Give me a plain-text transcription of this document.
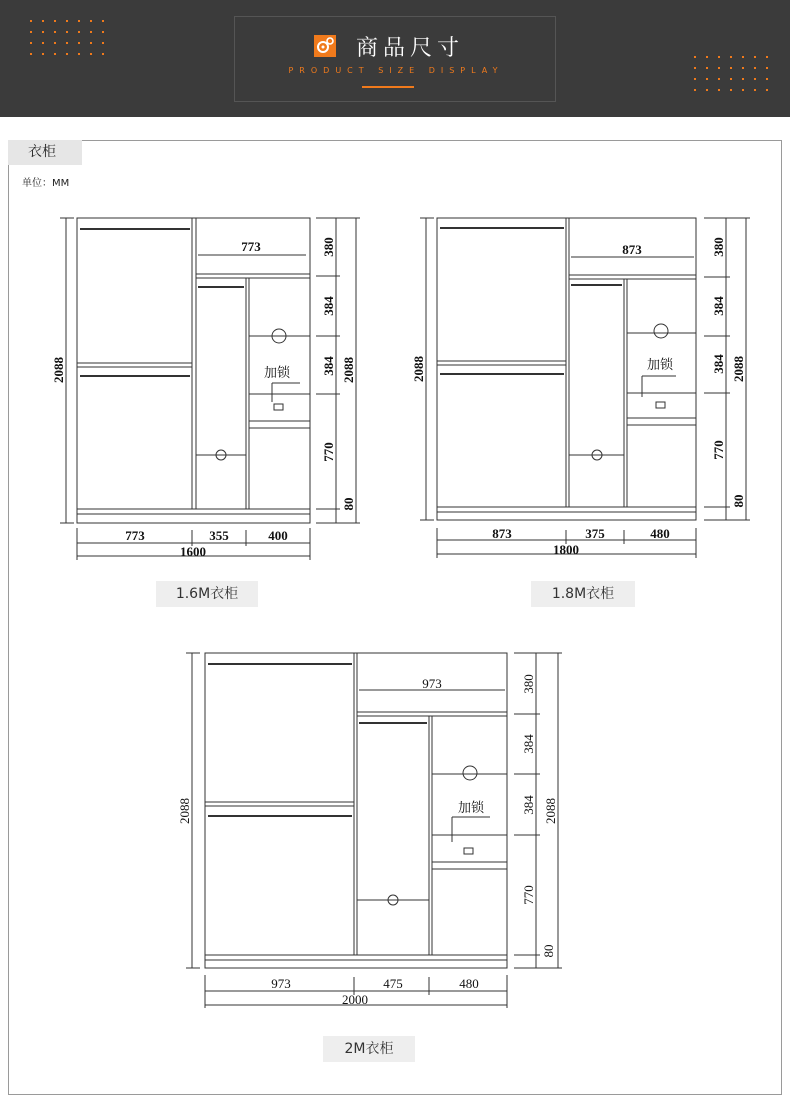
商品尺寸
PRODUCT SIZE DISPLAY
衣柜
单位：MM
773
773	355	400
1600
2088	2088
380
384
384
770
80
加锁
873
873	375	480
1800
2088	2088
380
384
384
770
80
加锁
973
973	475	480
2000
2088	2088
380
384
384
770
80
加锁
1.6M衣柜	1.8M衣柜
2M衣柜
